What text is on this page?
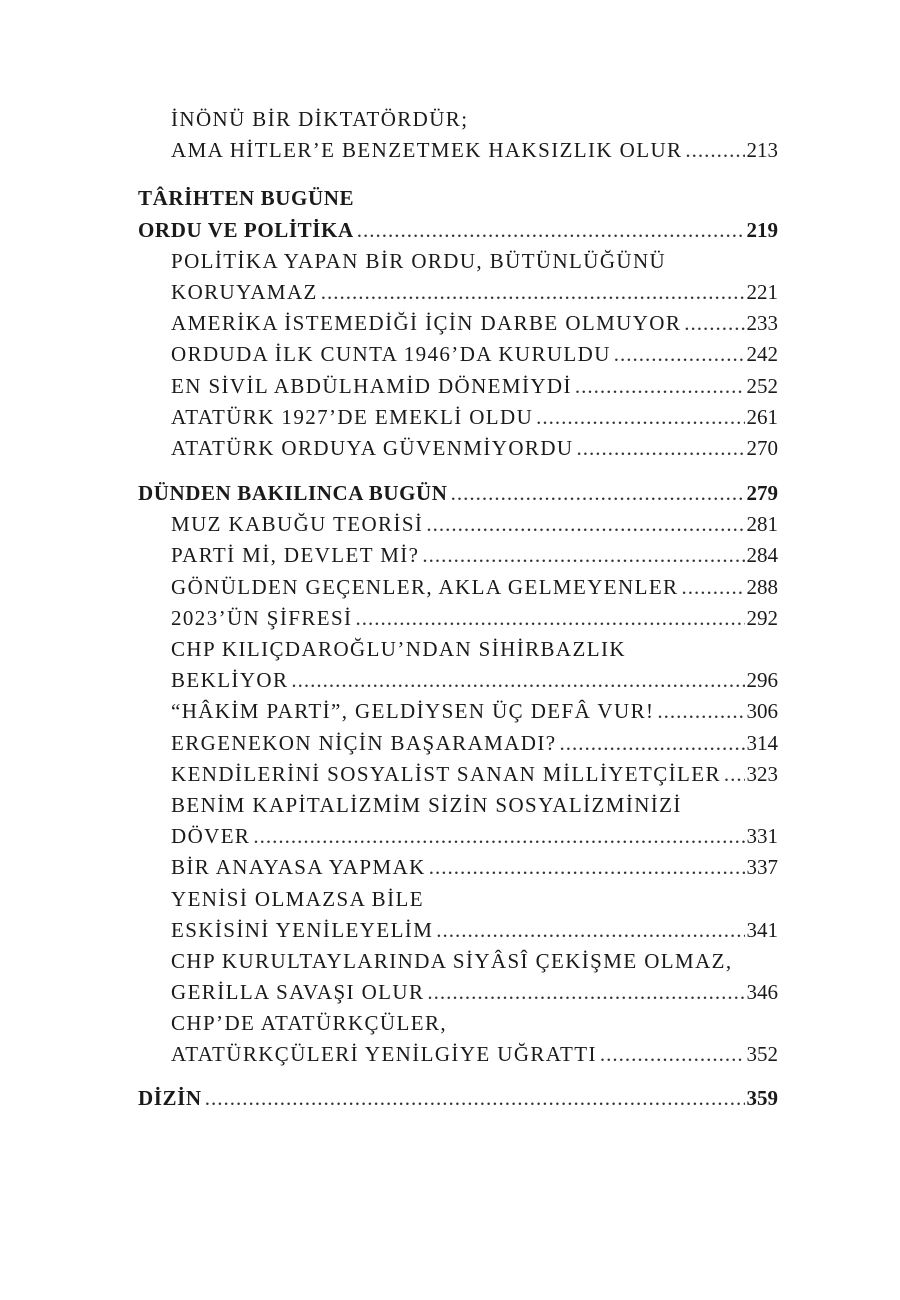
İNÖNÜ BİR DİKTATÖRDÜR;
AMA HİTLER’E BENZETMEK HAKSIZLIK OLUR .....	213
TÂRİHTEN BUGÜNE
ORDU VE POLİTİKA .....	219
POLİTİKA YAPAN BİR ORDU, BÜTÜNLÜĞÜNÜ
KORUYAMAZ .....	221
AMERİKA İSTEMEDİĞİ İÇİN DARBE OLMUYOR .....	233
ORDUDA İLK CUNTA 1946’DA KURULDU .....	242
EN SİVİL ABDÜLHAMİD DÖNEMİYDİ .....	252
ATATÜRK 1927’DE EMEKLİ OLDU .....	261
ATATÜRK ORDUYA GÜVENMİYORDU .....	270
DÜNDEN BAKILINCA BUGÜN .....	279
MUZ KABUĞU TEORİSİ .....	281
PARTİ Mİ, DEVLET Mİ? .....	284
GÖNÜLDEN GEÇENLER, AKLA GELMEYENLER .....	288
2023’ÜN ŞİFRESİ .....	292
CHP KILIÇDAROĞLU’NDAN SİHİRBAZLIK
BEKLİYOR .....	296
“HÂKİM PARTİ”, GELDİYSEN ÜÇ DEFÂ VUR! .....	306
ERGENEKON NİÇİN BAŞARAMADI? .....	314
KENDİLERİNİ SOSYALİST SANAN MİLLİYETÇİLER ..... 323
BENİM KAPİTALİZMİM SİZİN SOSYALİZMİNİZİ
DÖVER .....	331
BİR ANAYASA YAPMAK .....	337
YENİSİ OLMAZSA BİLE
ESKİSİNİ YENİLEYELİM .....	341
CHP KURULTAYLARINDA SİYÂSÎ ÇEKİŞME OLMAZ,
GERİLLA SAVAŞI OLUR .....	346
CHP’DE ATATÜRKÇÜLER,
ATATÜRKÇÜLERİ YENİLGİYE UĞRATTI .....	352
DİZİN .....	359
